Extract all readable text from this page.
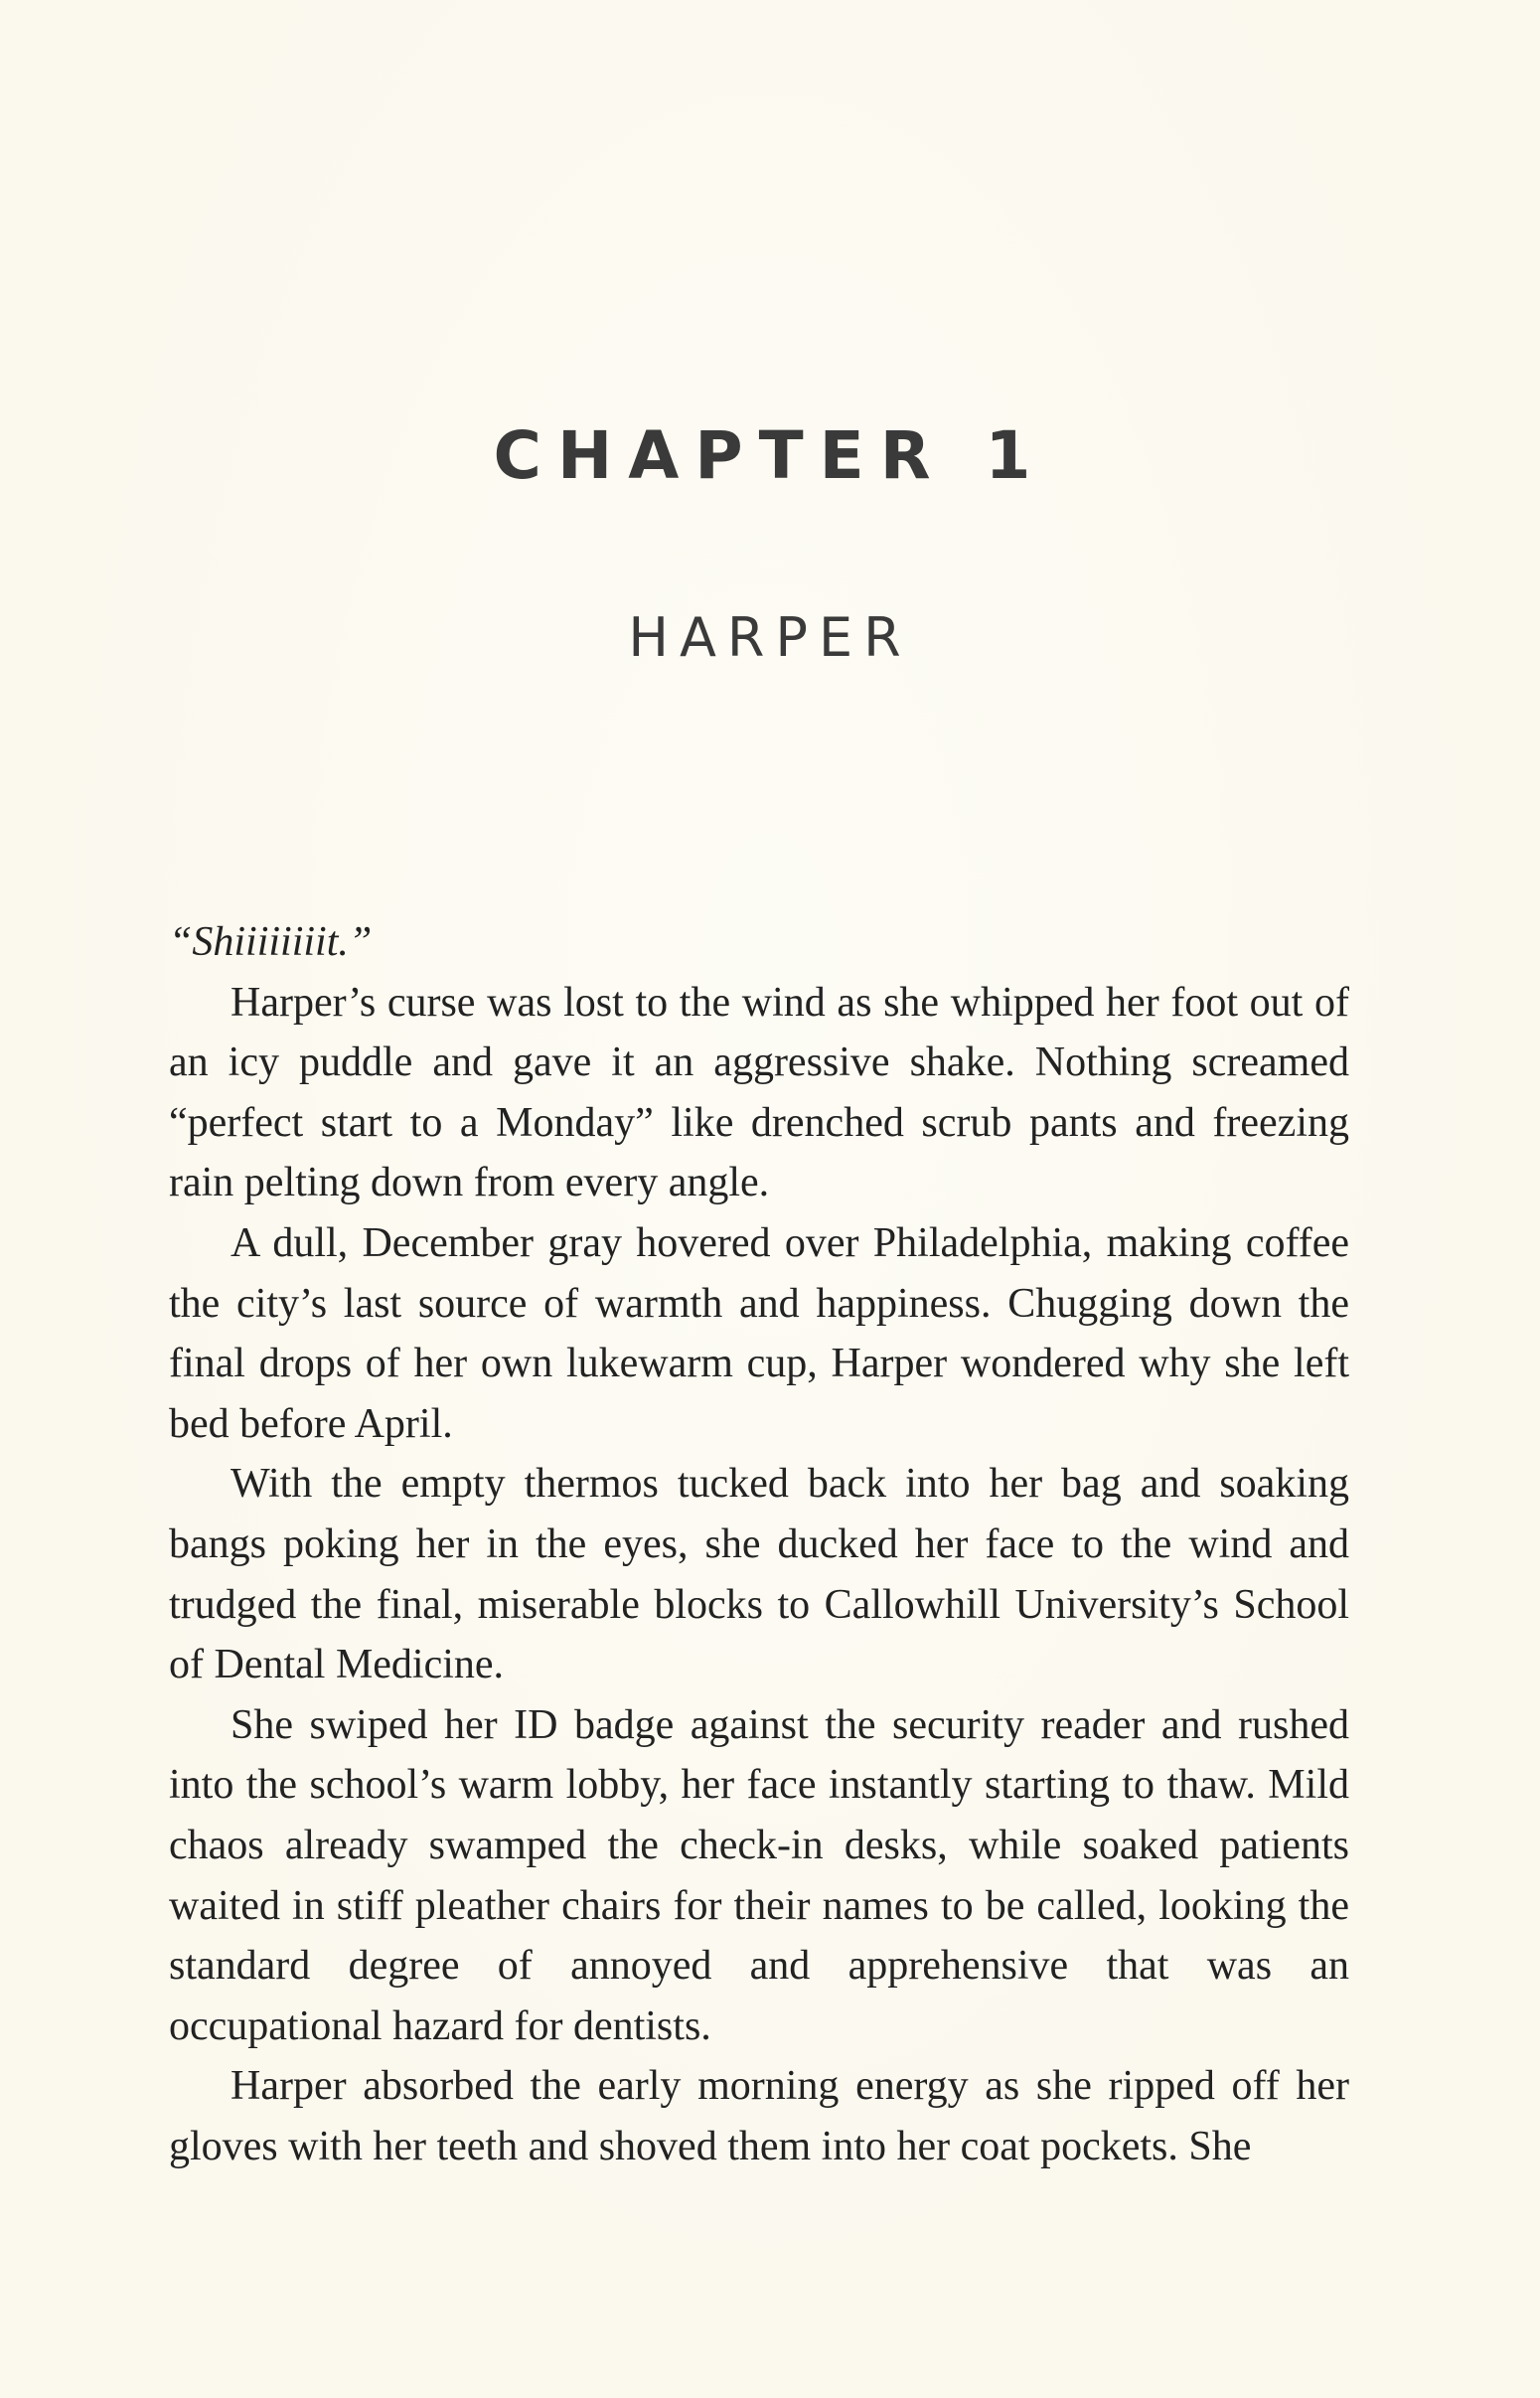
CHAPTER 1
HARPER

“Shiiiiiiiit.”

Harper’s curse was lost to the wind as she whipped her foot out of an icy puddle and gave it an aggressive shake. Nothing screamed “perfect start to a Monday” like drenched scrub pants and freezing rain pelting down from every angle.

A dull, December gray hovered over Philadelphia, making coffee the city’s last source of warmth and happiness. Chugging down the final drops of her own lukewarm cup, Harper wondered why she left bed before April.

With the empty thermos tucked back into her bag and soaking bangs poking her in the eyes, she ducked her face to the wind and trudged the final, miserable blocks to Callowhill University’s School of Dental Medicine.

She swiped her ID badge against the security reader and rushed into the school’s warm lobby, her face instantly starting to thaw. Mild chaos already swamped the check-in desks, while soaked patients waited in stiff pleather chairs for their names to be called, looking the standard degree of annoyed and apprehensive that was an occupational hazard for dentists.

Harper absorbed the early morning energy as she ripped off her gloves with her teeth and shoved them into her coat pockets. She
